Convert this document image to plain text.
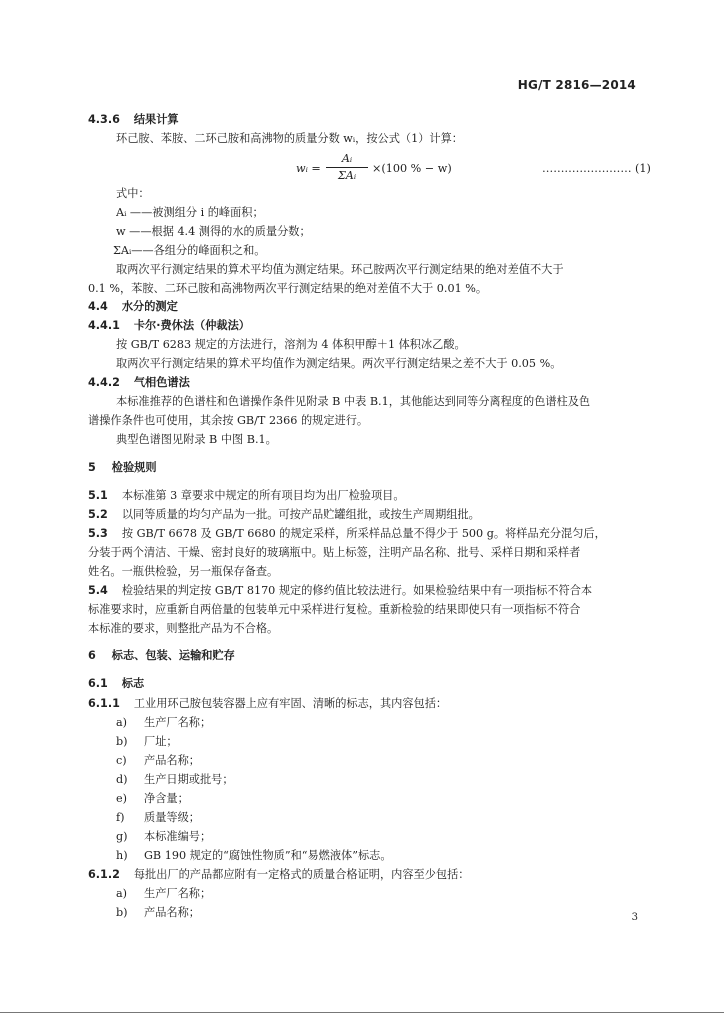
HG/T 2816—2014
4.3.6 结果计算
环己胺、苯胺、二环己胺和高沸物的质量分数 wᵢ，按公式（1）计算：
wᵢ =
Aᵢ
ΣAᵢ
×(100 % − w)	…………………… (1)
式中：
Aᵢ ——被测组分 i 的峰面积；
w ——根据 4.4 测得的水的质量分数；
ΣAᵢ——各组分的峰面积之和。
取两次平行测定结果的算术平均值为测定结果。环己胺两次平行测定结果的绝对差值不大于
0.1 %，苯胺、二环己胺和高沸物两次平行测定结果的绝对差值不大于 0.01 %。
4.4 水分的测定
4.4.1 卡尔·费休法（仲裁法）
按 GB/T 6283 规定的方法进行，溶剂为 4 体积甲醇＋1 体积冰乙酸。
取两次平行测定结果的算术平均值作为测定结果。两次平行测定结果之差不大于 0.05 %。
4.4.2 气相色谱法
本标准推荐的色谱柱和色谱操作条件见附录 B 中表 B.1，其他能达到同等分离程度的色谱柱及色
谱操作条件也可使用，其余按 GB/T 2366 的规定进行。
典型色谱图见附录 B 中图 B.1。
5 检验规则
5.1 本标准第 3 章要求中规定的所有项目均为出厂检验项目。
5.2 以同等质量的均匀产品为一批。可按产品贮罐组批，或按生产周期组批。
5.3 按 GB/T 6678 及 GB/T 6680 的规定采样，所采样品总量不得少于 500 g。将样品充分混匀后，
分装于两个清洁、干燥、密封良好的玻璃瓶中。贴上标签，注明产品名称、批号、采样日期和采样者
姓名。一瓶供检验，另一瓶保存备查。
5.4 检验结果的判定按 GB/T 8170 规定的修约值比较法进行。如果检验结果中有一项指标不符合本
标准要求时，应重新自两倍量的包装单元中采样进行复检。重新检验的结果即使只有一项指标不符合
本标准的要求，则整批产品为不合格。
6 标志、包装、运输和贮存
6.1 标志
6.1.1 工业用环己胺包装容器上应有牢固、清晰的标志，其内容包括：
a) 生产厂名称；
b) 厂址；
c) 产品名称；
d) 生产日期或批号；
e) 净含量；
f) 质量等级；
g) 本标准编号；
h) GB 190 规定的“腐蚀性物质”和“易燃液体”标志。
6.1.2 每批出厂的产品都应附有一定格式的质量合格证明，内容至少包括：
a) 生产厂名称；
b) 产品名称；	3
